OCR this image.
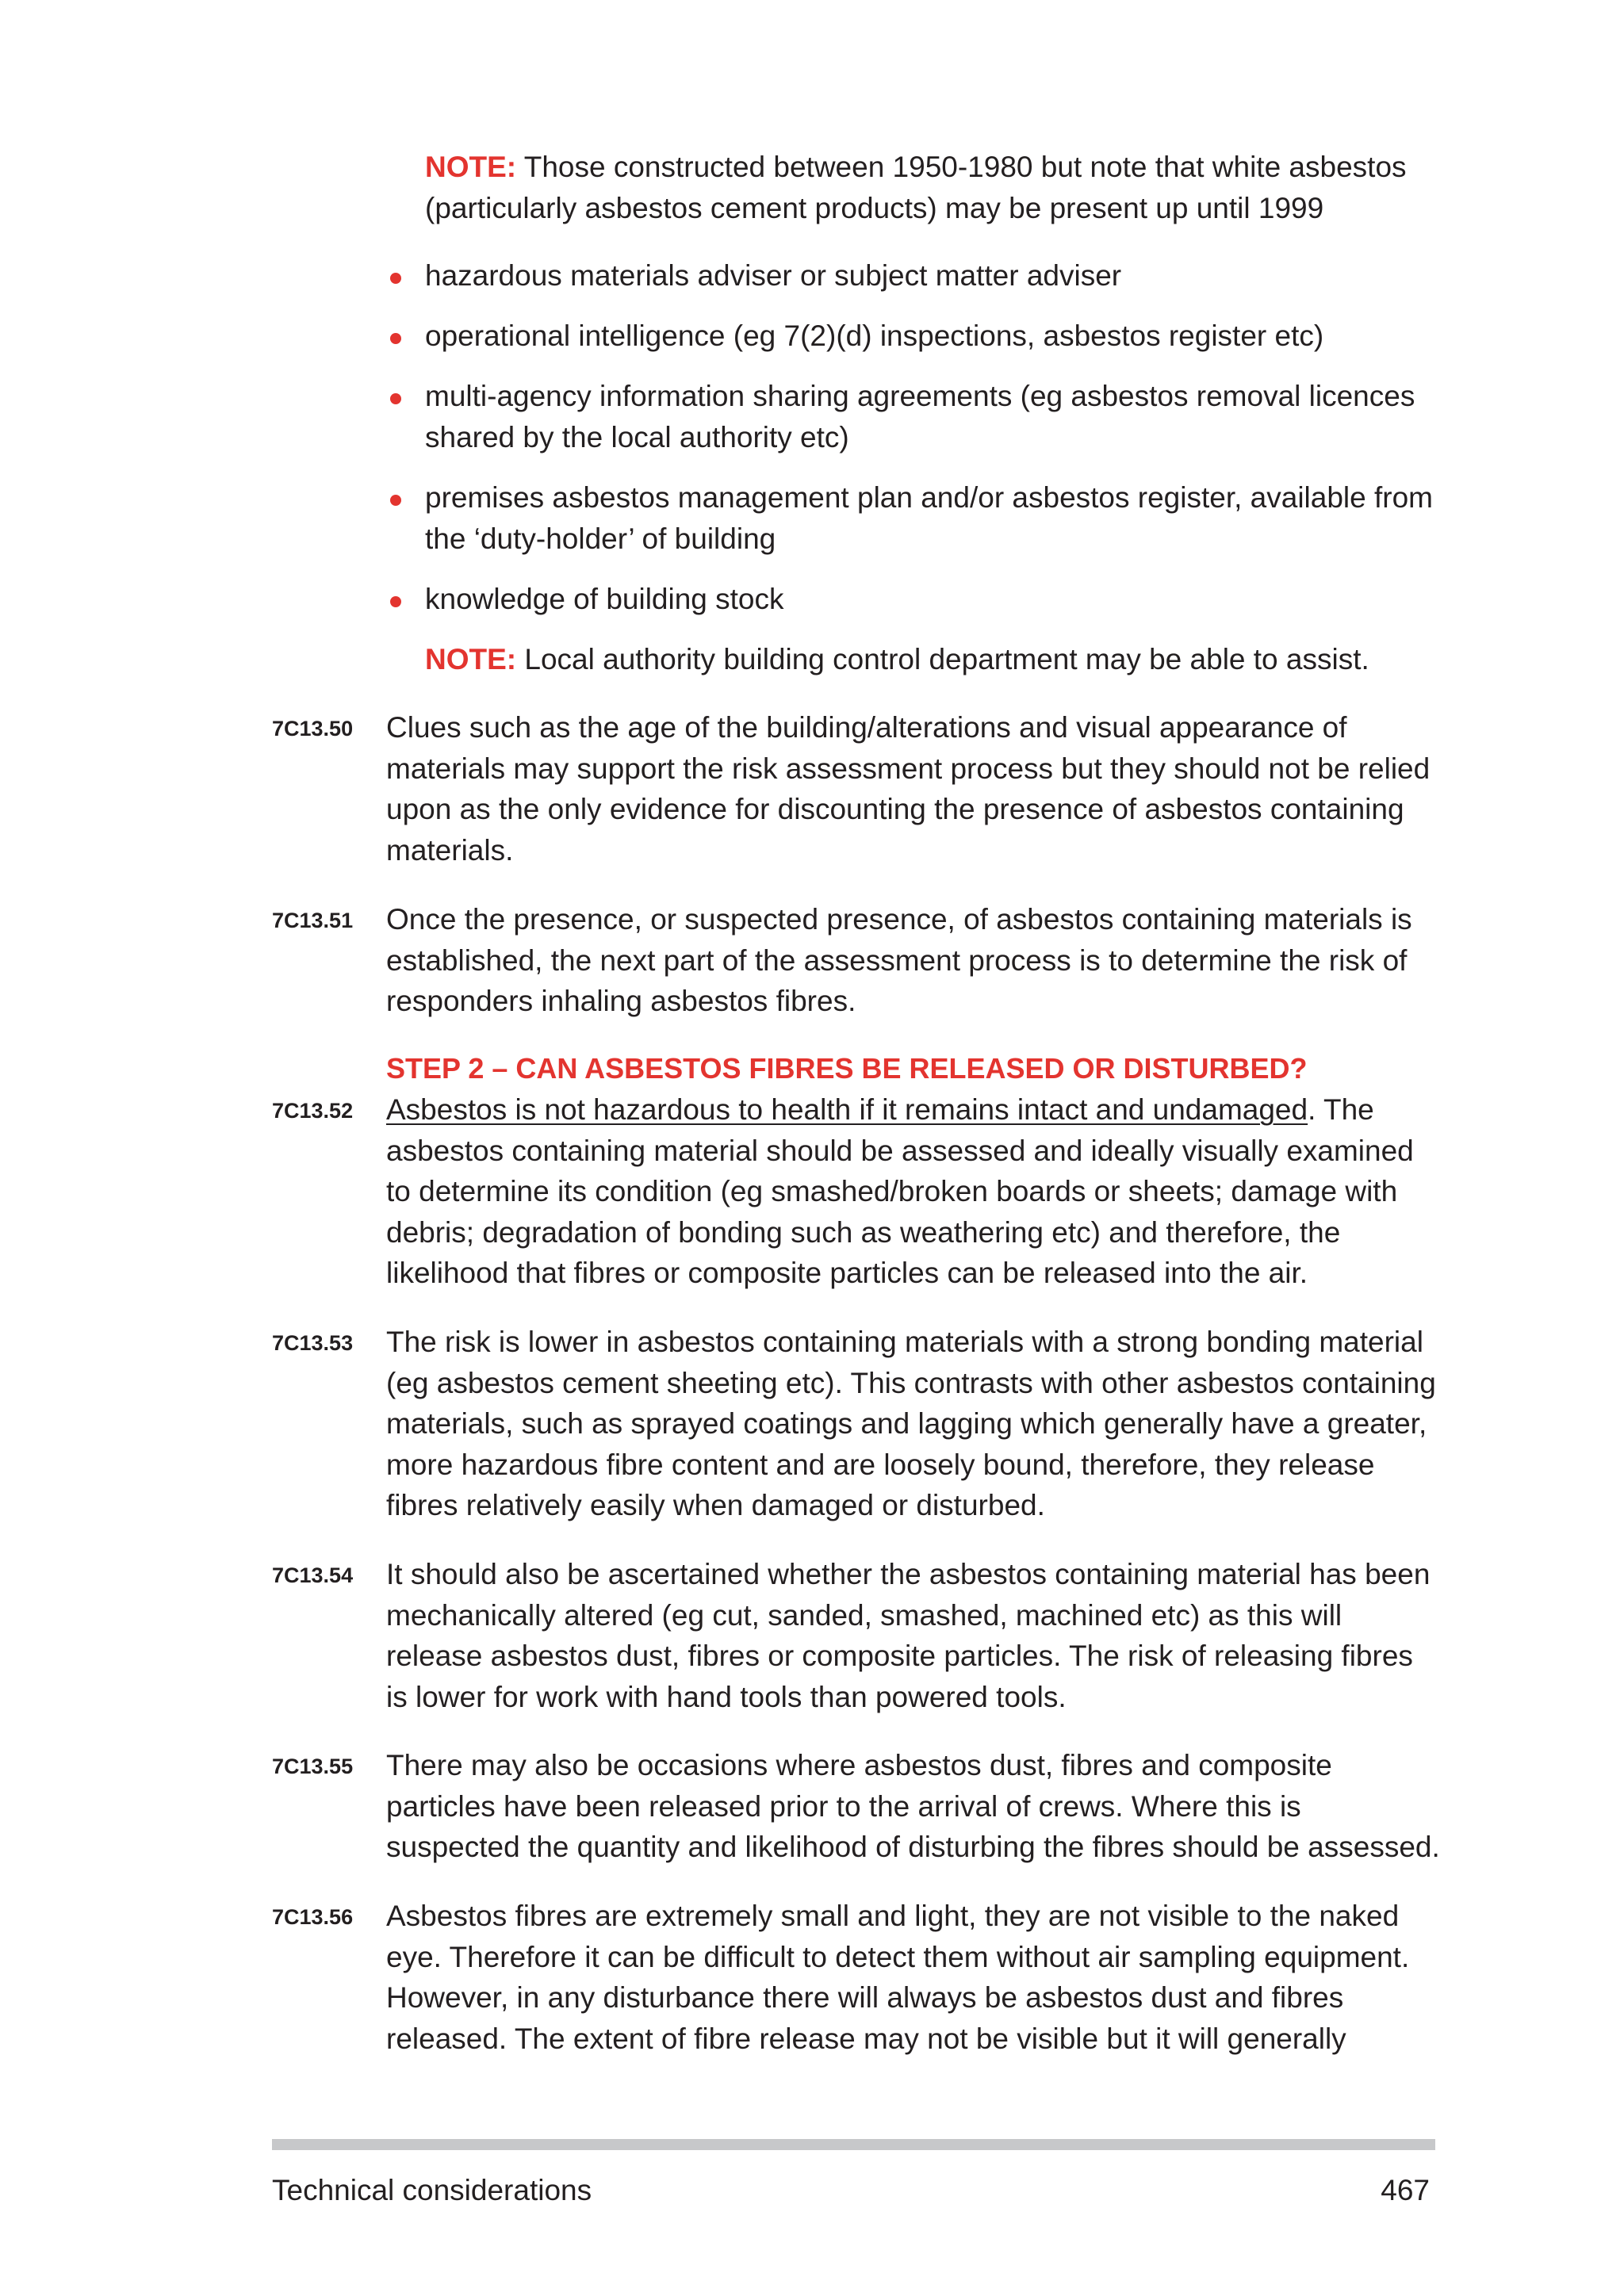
NOTE: Those constructed between 1950-1980 but note that white asbestos (particularly asbestos cement products) may be present up until 1999

hazardous materials adviser or subject matter adviser
operational intelligence (eg 7(2)(d) inspections, asbestos register etc)
multi-agency information sharing agreements (eg asbestos removal licences shared by the local authority etc)
premises asbestos management plan and/or asbestos register, available from the ‘duty-holder’ of building
knowledge of building stock

NOTE: Local authority building control department may be able to assist.

7C13.50 Clues such as the age of the building/alterations and visual appearance of materials may support the risk assessment process but they should not be relied upon as the only evidence for discounting the presence of asbestos containing materials.

7C13.51 Once the presence, or suspected presence, of asbestos containing materials is established, the next part of the assessment process is to determine the risk of responders inhaling asbestos fibres.

STEP 2 – CAN ASBESTOS FIBRES BE RELEASED OR DISTURBED?

7C13.52 Asbestos is not hazardous to health if it remains intact and undamaged. The asbestos containing material should be assessed and ideally visually examined to determine its condition (eg smashed/broken boards or sheets; damage with debris; degradation of bonding such as weathering etc) and therefore, the likelihood that fibres or composite particles can be released into the air.

7C13.53 The risk is lower in asbestos containing materials with a strong bonding material (eg asbestos cement sheeting etc). This contrasts with other asbestos containing materials, such as sprayed coatings and lagging which generally have a greater, more hazardous fibre content and are loosely bound, therefore, they release fibres relatively easily when damaged or disturbed.

7C13.54 It should also be ascertained whether the asbestos containing material has been mechanically altered (eg cut, sanded, smashed, machined etc) as this will release asbestos dust, fibres or composite particles. The risk of releasing fibres is lower for work with hand tools than powered tools.

7C13.55 There may also be occasions where asbestos dust, fibres and composite particles have been released prior to the arrival of crews. Where this is suspected the quantity and likelihood of disturbing the fibres should be assessed.

7C13.56 Asbestos fibres are extremely small and light, they are not visible to the naked eye. Therefore it can be difficult to detect them without air sampling equipment. However, in any disturbance there will always be asbestos dust and fibres released. The extent of fibre release may not be visible but it will generally

Technical considerations	467
